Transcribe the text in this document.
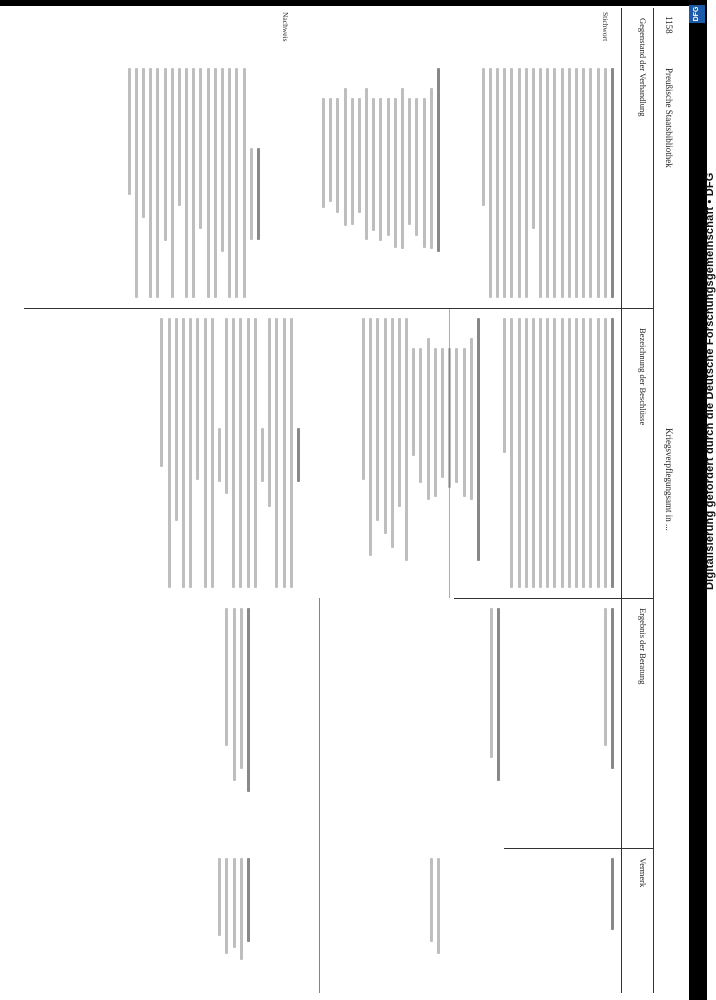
DFG
Digitalisierung gefördert durch die Deutsche Forschungsgemeinschaft • DFG
1158
Preußische Staatsbibliothek
Kriegsverpflegungsamt in ...
Gegenstand der Verhandlung
Bezeichnung der Beschlüsse
Ergebnis der Beratung
Vermerk
Stichwort
Nachweis
